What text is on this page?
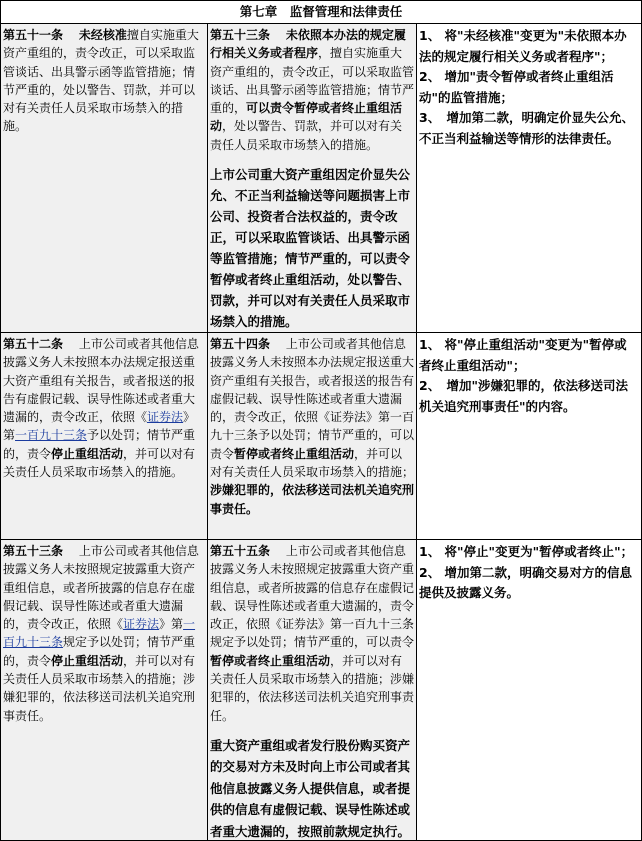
第七章　监督管理和法律责任
第五十一条　 未经核准擅自实施重大资产重组的，责令改正，可以采取监管谈话、出具警示函等监管措施；情节严重的，处以警告、罚款，并可以对有关责任人员采取市场禁入的措施。
第五十三条　 未依照本办法的规定履行相关义务或者程序，擅自实施重大资产重组的，责令改正，可以采取监管谈话、出具警示函等监管措施；情节严重的，可以责令暂停或者终止重组活动，处以警告、罚款，并可以对有关责任人员采取市场禁入的措施。
上市公司重大资产重组因定价显失公允、不正当利益输送等问题损害上市公司、投资者合法权益的，责令改正，可以采取监管谈话、出具警示函等监管措施；情节严重的，可以责令暂停或者终止重组活动，处以警告、罚款，并可以对有关责任人员采取市场禁入的措施。
1、 将"未经核准"变更为"未依照本办法的规定履行相关义务或者程序"；
2、 增加"责令暂停或者终止重组活动"的监管措施；
3、　增加第二款，明确定价显失公允、不正当利益输送等情形的法律责任。
第五十二条　 上市公司或者其他信息披露义务人未按照本办法规定报送重大资产重组有关报告，或者报送的报告有虚假记载、误导性陈述或者重大遗漏的，责令改正，依照《证券法》第一百九十三条予以处罚；情节严重的，责令停止重组活动，并可以对有关责任人员采取市场禁入的措施。
第五十四条　 上市公司或者其他信息披露义务人未按照本办法规定报送重大资产重组有关报告，或者报送的报告有虚假记载、误导性陈述或者重大遗漏的，责令改正，依照《证券法》第一百九十三条予以处罚；情节严重的，可以责令暂停或者终止重组活动，并可以对有关责任人员采取市场禁入的措施；涉嫌犯罪的，依法移送司法机关追究刑事责任。
1、 将"停止重组活动"变更为"暂停或者终止重组活动"；
2、　增加"涉嫌犯罪的，依法移送司法机关追究刑事责任"的内容。
第五十三条　 上市公司或者其他信息披露义务人未按照规定披露重大资产重组信息，或者所披露的信息存在虚假记载、误导性陈述或者重大遗漏的，责令改正，依照《证券法》第一百九十三条规定予以处罚；情节严重的，责令停止重组活动，并可以对有关责任人员采取市场禁入的措施；涉嫌犯罪的，依法移送司法机关追究刑事责任。
第五十五条　 上市公司或者其他信息披露义务人未按照规定披露重大资产重组信息，或者所披露的信息存在虚假记载、误导性陈述或者重大遗漏的，责令改正，依照《证券法》第一百九十三条规定予以处罚；情节严重的，可以责令暂停或者终止重组活动，并可以对有关责任人员采取市场禁入的措施；涉嫌犯罪的，依法移送司法机关追究刑事责任。
重大资产重组或者发行股份购买资产的交易对方未及时向上市公司或者其他信息披露义务人提供信息，或者提供的信息有虚假记载、误导性陈述或者重大遗漏的，按照前款规定执行。
1、 将"停止"变更为"暂停或者终止"；
2、 增加第二款，明确交易对方的信息提供及披露义务。
